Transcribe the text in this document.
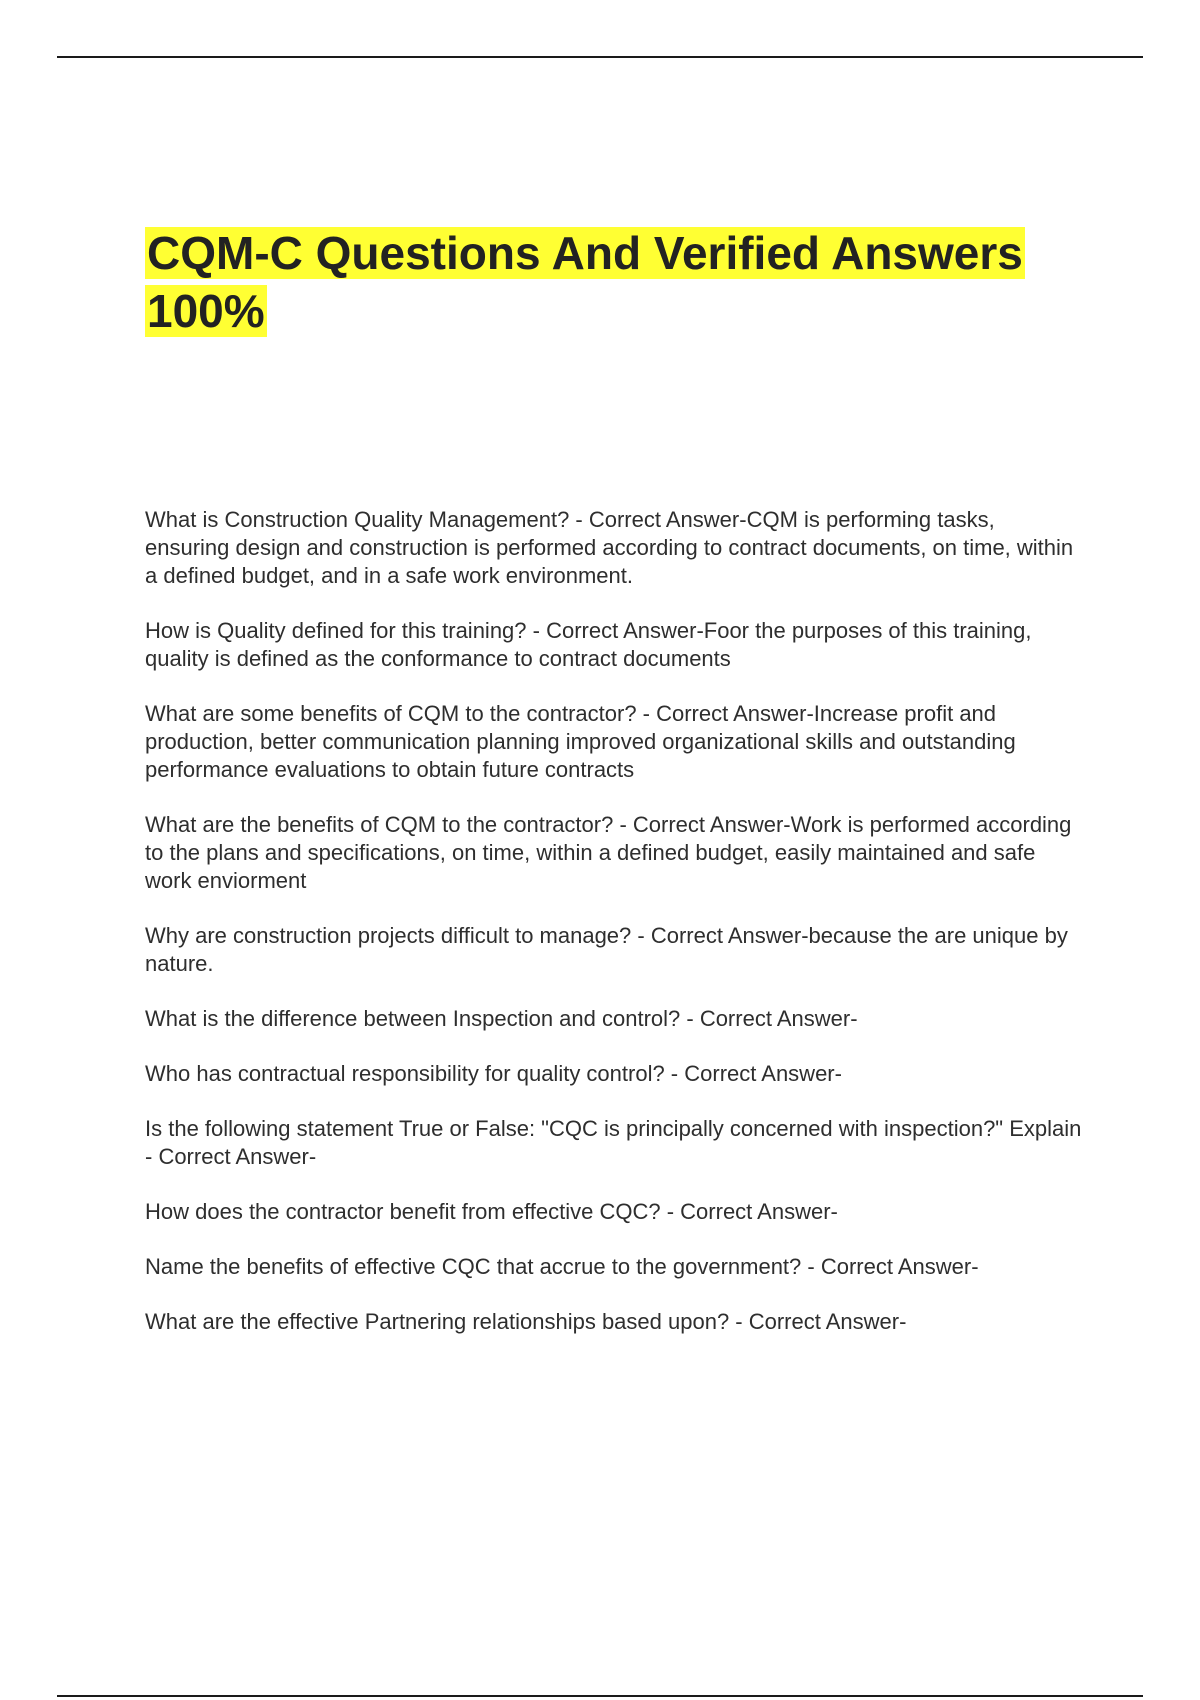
CQM-C Questions And Verified Answers 100%
What is Construction Quality Management? - Correct Answer-CQM is performing tasks, ensuring design and construction is performed according to contract documents, on time, within a defined budget, and in a safe work environment.
How is Quality defined for this training? - Correct Answer-Foor the purposes of this training, quality is defined as the conformance to contract documents
What are some benefits of CQM to the contractor? - Correct Answer-Increase profit and production, better communication planning improved organizational skills and outstanding performance evaluations to obtain future contracts
What are the benefits of CQM to the contractor? - Correct Answer-Work is performed according to the plans and specifications, on time, within a defined budget, easily maintained and safe work enviorment
Why are construction projects difficult to manage? - Correct Answer-because the are unique by nature.
What is the difference between Inspection and control? - Correct Answer-
Who has contractual responsibility for quality control? - Correct Answer-
Is the following statement True or False: "CQC is principally concerned with inspection?" Explain - Correct Answer-
How does the contractor benefit from effective CQC? - Correct Answer-
Name the benefits of effective CQC that accrue to the government? - Correct Answer-
What are the effective Partnering relationships based upon? - Correct Answer-
